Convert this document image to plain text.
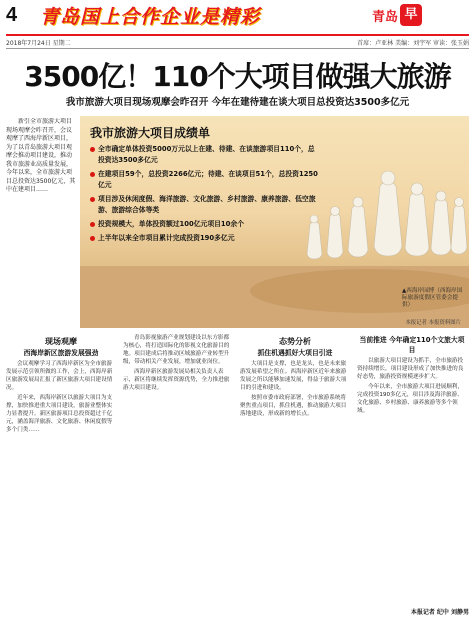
4 青岛国上合作企业是精彩	青岛 早报
2018年7月24日 星期二	首席：卢亚林 美编：刘宇军 审读：张玉娟
3500亿！110个大项目做强大旅游
我市旅游大项目现场观摩会昨召开 今年在建待建在谈大项目总投资达3500多亿元
新引全市旅游大项目现场观摩会昨召开，会议观摩了西海岸新区项目，为了以青岛旅游大项目观摩会推动项目建设，推动我市旅游业高质量发展，今年以来，全市旅游大项目总投资达3500亿元，其中在建项目……
我市旅游大项目成绩单
全市确定单体投资5000万元以上在建、待建、在谈旅游项目110个，总投资达3500多亿元
在建项目59个，总投资2266亿元；待建、在谈项目51个，总投资1250亿元
项目涉及休闲度假、海洋旅游、文化旅游、乡村旅游、康养旅游、低空旅游、旅游综合体等类
投资规模大，单体投资额过100亿元项目10余个
上半年以来全市项目累计完成投资190多亿元
▲西海岸园博（西海岸国际旅游度假区管委会提供）
本报记者 本报资料图片
现场观摩
西海岸新区旅游发展强劲

会议观摩学习了西海岸新区为全市旅游发展示范引领所做的工作，会上，西海岸新区旅游发展局汇报了新区旅游大项目建设情况。

近年来，西海岸新区以旅游大项目为支撑，加快推进重大项目建设，旅游业整体实力显著提升。新区旅游项目总投资超过千亿元，涵盖海洋旅游、文化旅游、休闲度假等多个门类……

青岛影视旅游产业规划建设以东方影都为核心，将打造国际化的影视文化旅游目的地。项目建成后将推动区域旅游产业转型升级，带动相关产业发展，增加就业岗位。

西海岸新区旅游发展局相关负责人表示，新区将继续发挥资源优势，全力推进旅游大项目建设。

态势分析
抓住机遇抓好大项目引进

大项目是支撑，也是龙头，也是未来旅游发展希望之所在。西海岸新区近年来旅游发展之所以能够加速发展，得益于旅游大项目的引进和建设。

按照市委市政府部署，全市旅游系统将聚焦重点项目，抓住机遇，推动旅游大项目落地建设，形成新的增长点。

当前推进 今年确定110个文旅大项目

以旅游大项目建设为抓手，全市旅游投资持续增长，项目建设形成了加快推进的良好态势，旅游投资规模逐步扩大。

今年以来，全市旅游大项目进展顺利，完成投资190多亿元，项目涉及海洋旅游、文化旅游、乡村旅游、康养旅游等多个领域。

本报记者 纪中 刘静男
